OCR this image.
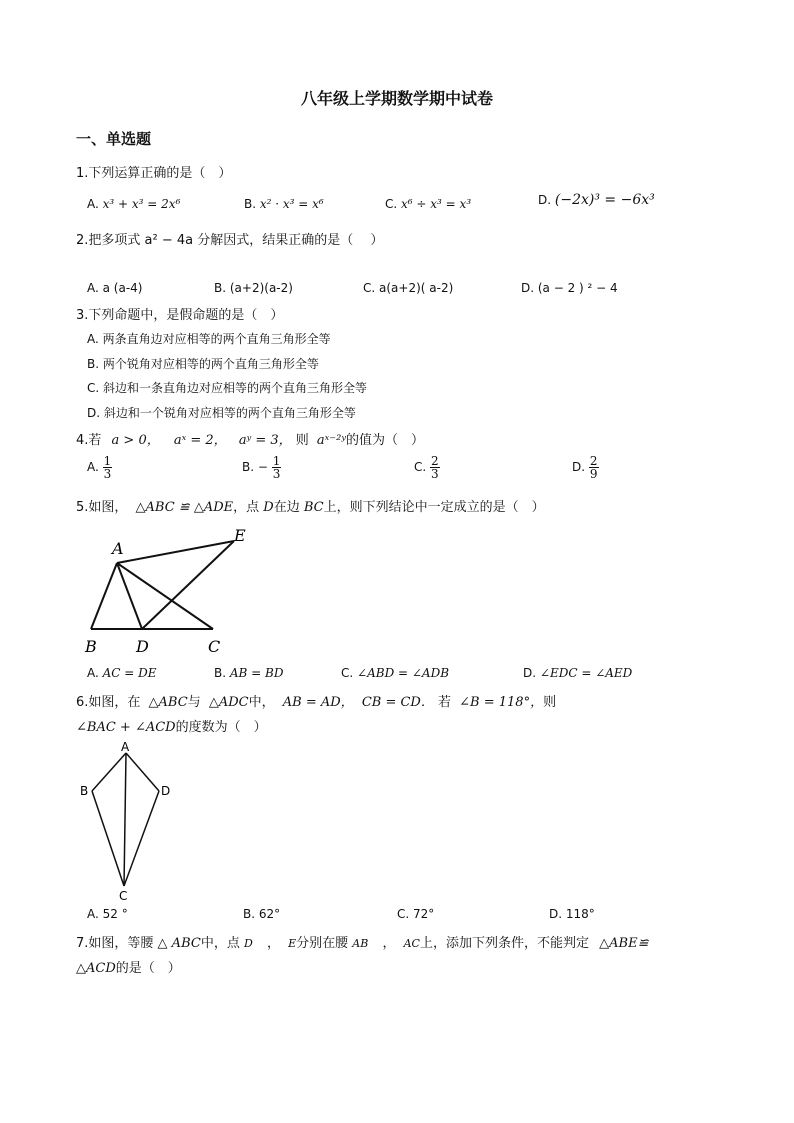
八年级上学期数学期中试卷
一、单选题
1.下列运算正确的是（　）
A. x³ + x³ = 2x⁶	B. x² · x³ = x⁶	C. x⁶ ÷ x³ = x³	D. (−2x)³ = −6x³
2.把多项式 a² − 4a 分解因式，结果正确的是（　 ）
A. a (a-4)	B. (a+2)(a-2)	C. a(a+2)( a-2)	D. (a − 2 ) ² − 4
3.下列命题中，是假命题的是（　）
A. 两条直角边对应相等的两个直角三角形全等
B. 两个锐角对应相等的两个直角三角形全等
C. 斜边和一条直角边对应相等的两个直角三角形全等
D. 斜边和一个锐角对应相等的两个直角三角形全等
4.若 a > 0， aˣ = 2， aʸ = 3， 则 aˣ⁻²ʸ的值为（　）
A. $\frac{1}{3}$	B. − $\frac{1}{3}$	C. $\frac{2}{3}$	D. $\frac{2}{9}$
5.如图， △ABC ≌ △ADE，点 D在边 BC上，则下列结论中一定成立的是（　）
A
E
B D	C
A. AC = DE	B. AB = BD	C. ∠ABD = ∠ADB	D. ∠EDC = ∠AED
6.如图，在 △ABC与 △ADC中， AB = AD， CB = CD． 若 ∠B = 118°，则
∠BAC + ∠ACD的度数为（　）
A
B	D
C
A. 52 °	B. 62°	C. 72°	D. 118°
7.如图，等腰 △ ABC中，点 D ， E分别在腰 AB ， AC上，添加下列条件，不能判定 △ABE≌
△ACD的是（　）
